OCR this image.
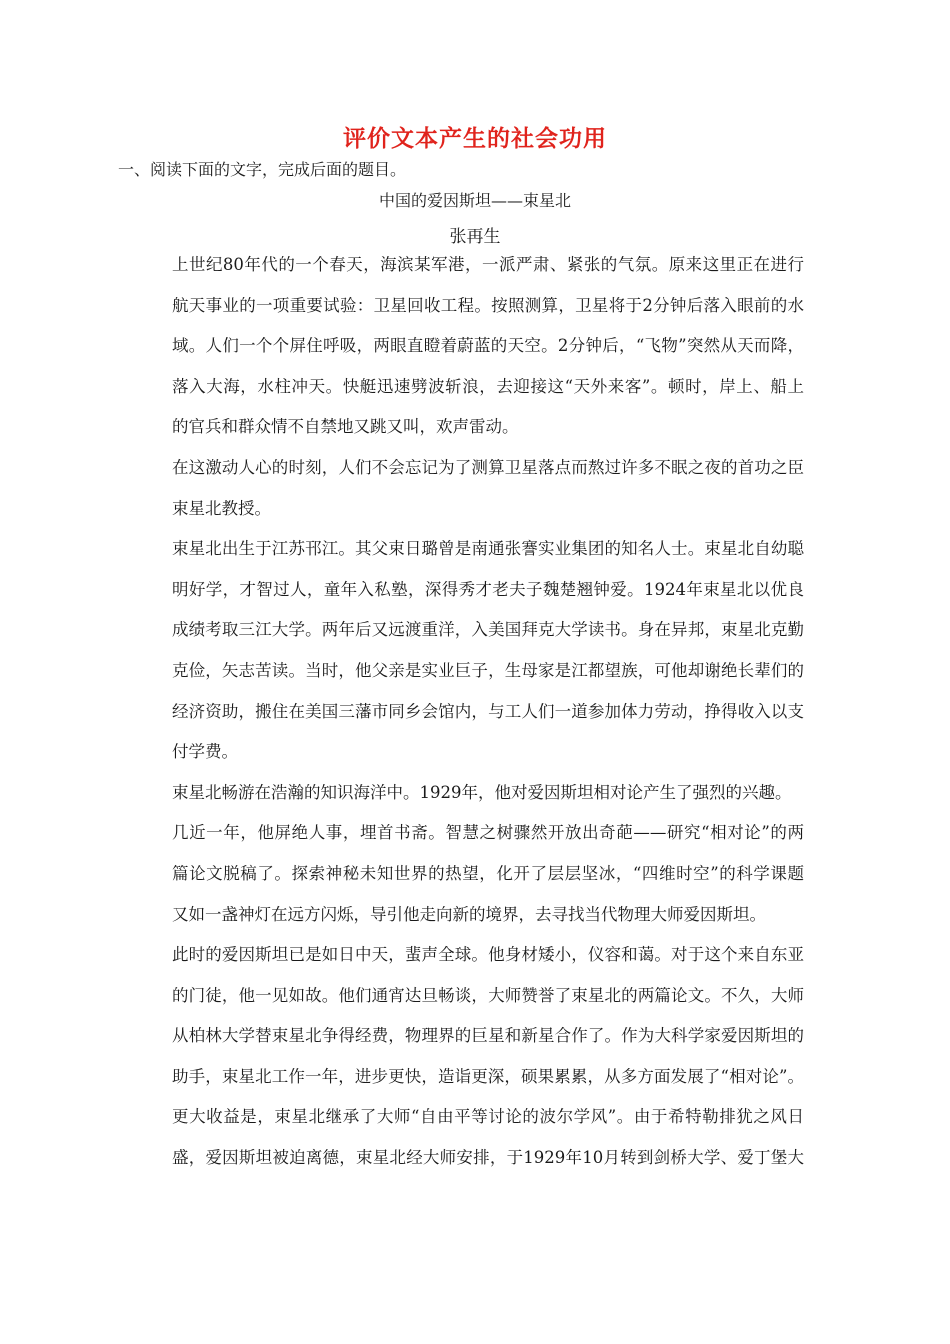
评价文本产生的社会功用
一、阅读下面的文字，完成后面的题目。
中国的爱因斯坦——束星北
张再生
上世纪80年代的一个春天，海滨某军港，一派严肃、紧张的气氛。原来这里正在进行
航天事业的一项重要试验：卫星回收工程。按照测算，卫星将于2分钟后落入眼前的水
域。人们一个个屏住呼吸，两眼直瞪着蔚蓝的天空。2分钟后，“飞物”突然从天而降，
落入大海，水柱冲天。快艇迅速劈波斩浪，去迎接这“天外来客”。顿时，岸上、船上
的官兵和群众情不自禁地又跳又叫，欢声雷动。
在这激动人心的时刻，人们不会忘记为了测算卫星落点而熬过许多不眠之夜的首功之臣
束星北教授。
束星北出生于江苏邗江。其父束日璐曾是南通张謇实业集团的知名人士。束星北自幼聪
明好学，才智过人，童年入私塾，深得秀才老夫子魏楚翘钟爱。1924年束星北以优良
成绩考取三江大学。两年后又远渡重洋，入美国拜克大学读书。身在异邦，束星北克勤
克俭，矢志苦读。当时，他父亲是实业巨子，生母家是江都望族，可他却谢绝长辈们的
经济资助，搬住在美国三藩市同乡会馆内，与工人们一道参加体力劳动，挣得收入以支
付学费。
束星北畅游在浩瀚的知识海洋中。1929年，他对爱因斯坦相对论产生了强烈的兴趣。
几近一年，他屏绝人事，埋首书斋。智慧之树骤然开放出奇葩——研究“相对论”的两
篇论文脱稿了。探索神秘未知世界的热望，化开了层层坚冰，“四维时空”的科学课题
又如一盏神灯在远方闪烁，导引他走向新的境界，去寻找当代物理大师爱因斯坦。
此时的爱因斯坦已是如日中天，蜚声全球。他身材矮小，仪容和蔼。对于这个来自东亚
的门徒，他一见如故。他们通宵达旦畅谈，大师赞誉了束星北的两篇论文。不久，大师
从柏林大学替束星北争得经费，物理界的巨星和新星合作了。作为大科学家爱因斯坦的
助手，束星北工作一年，进步更快，造诣更深，硕果累累，从多方面发展了“相对论”。
更大收益是，束星北继承了大师“自由平等讨论的波尔学风”。由于希特勒排犹之风日
盛，爱因斯坦被迫离德，束星北经大师安排，于1929年10月转到剑桥大学、爱丁堡大
